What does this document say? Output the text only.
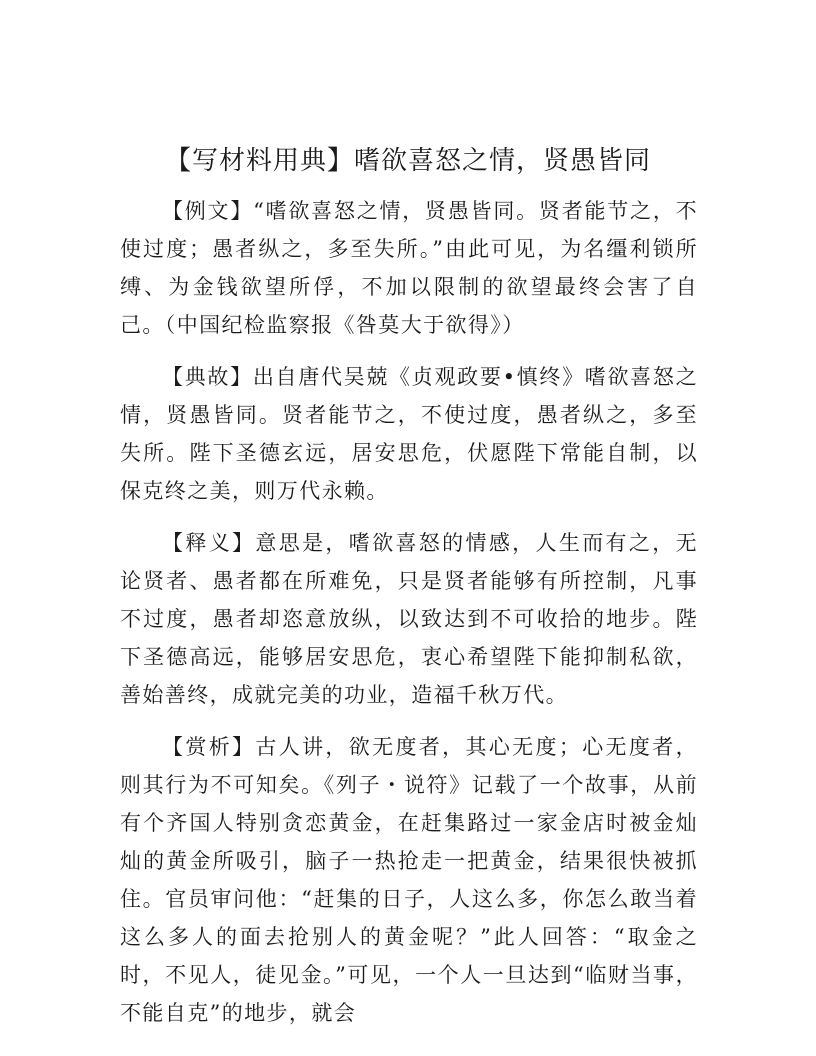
【写材料用典】嗜欲喜怒之情，贤愚皆同

【例文】“嗜欲喜怒之情，贤愚皆同。贤者能节之，不使过度；愚者纵之，多至失所。”由此可见，为名缰利锁所缚、为金钱欲望所俘，不加以限制的欲望最终会害了自己。（中国纪检监察报《咎莫大于欲得》）

【典故】出自唐代吴兢《贞观政要•慎终》嗜欲喜怒之情，贤愚皆同。贤者能节之，不使过度，愚者纵之，多至失所。陛下圣德玄远，居安思危，伏愿陛下常能自制，以保克终之美，则万代永赖。

【释义】意思是，嗜欲喜怒的情感，人生而有之，无论贤者、愚者都在所难免，只是贤者能够有所控制，凡事不过度，愚者却恣意放纵，以致达到不可收拾的地步。陛下圣德高远，能够居安思危，衷心希望陛下能抑制私欲，善始善终，成就完美的功业，造福千秋万代。

【赏析】古人讲，欲无度者，其心无度；心无度者，则其行为不可知矣。《列子・说符》记载了一个故事，从前有个齐国人特别贪恋黄金，在赶集路过一家金店时被金灿灿的黄金所吸引，脑子一热抢走一把黄金，结果很快被抓住。官员审问他：“赶集的日子，人这么多，你怎么敢当着这么多人的面去抢别人的黄金呢？”此人回答：“取金之时，不见人，徒见金。”可见，一个人一旦达到“临财当事，不能自克”的地步，就会
